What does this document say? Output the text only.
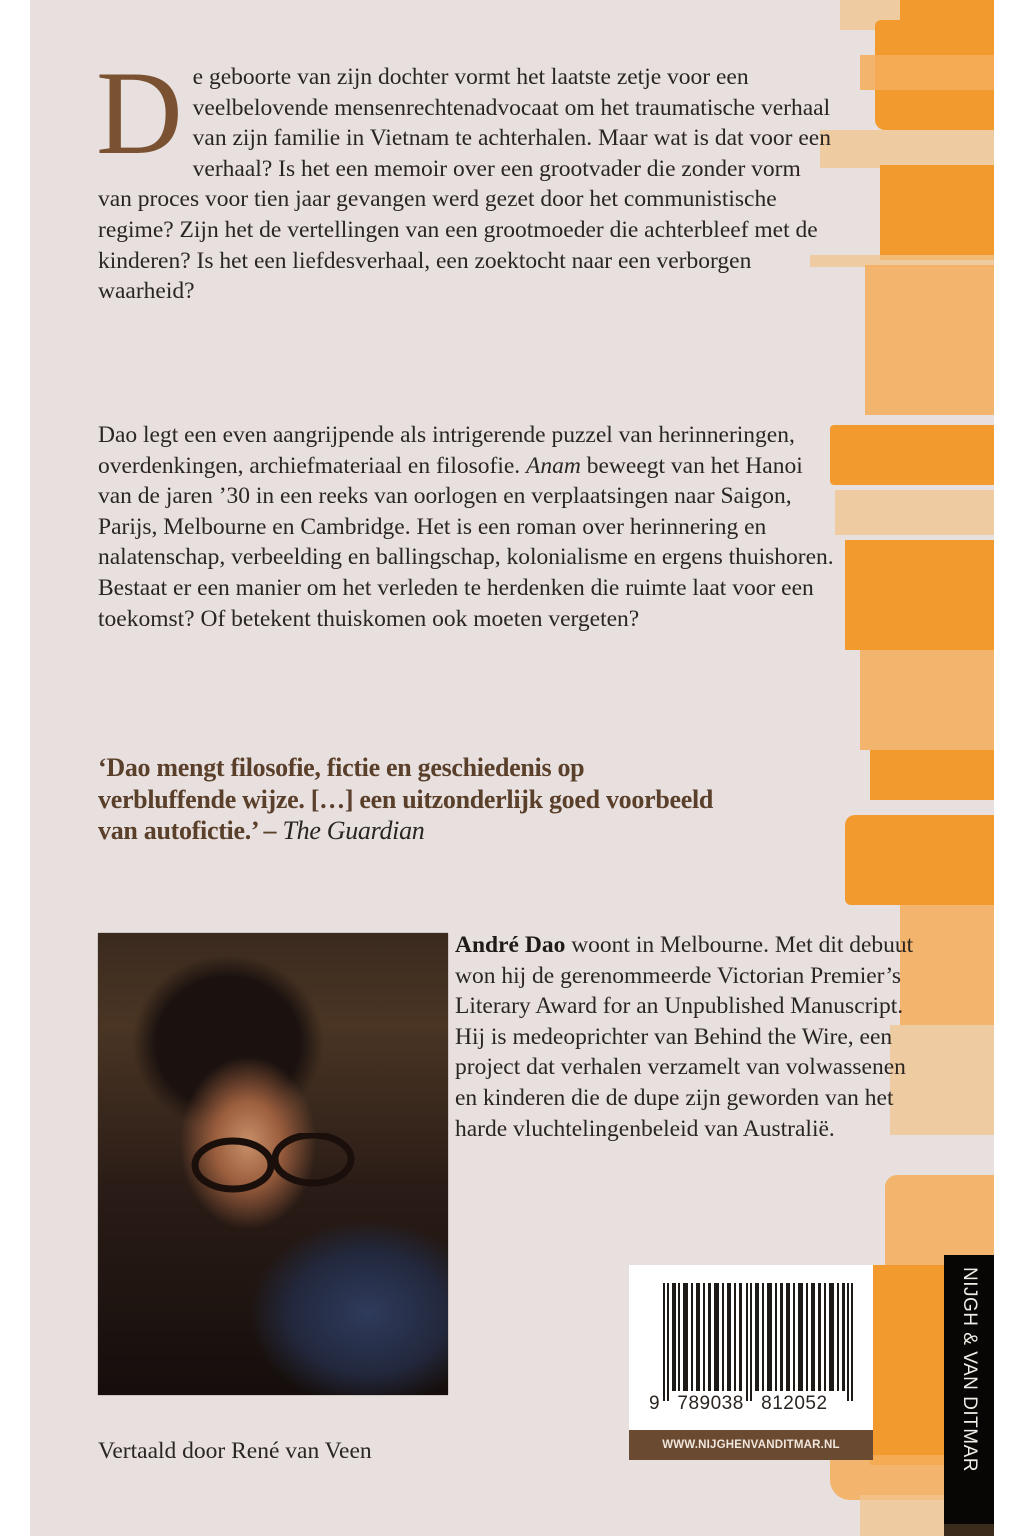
De geboorte van zijn dochter vormt het laatste zetje voor een veelbelovende mensenrechtenadvocaat om het traumatische verhaal van zijn familie in Vietnam te achterhalen. Maar wat is dat voor een verhaal? Is het een memoir over een grootvader die zonder vorm van proces voor tien jaar gevangen werd gezet door het communistische regime? Zijn het de vertellingen van een grootmoeder die achterbleef met de kinderen? Is het een liefdesverhaal, een zoektocht naar een verborgen waarheid?
Dao legt een even aangrijpende als intrigerende puzzel van herinneringen, overdenkingen, archiefmateriaal en filosofie. Anam beweegt van het Hanoi van de jaren ’30 in een reeks van oorlogen en verplaatsingen naar Saigon, Parijs, Melbourne en Cambridge. Het is een roman over herinnering en nalatenschap, verbeelding en ballingschap, kolonialisme en ergens thuishoren. Bestaat er een manier om het verleden te herdenken die ruimte laat voor een toekomst? Of betekent thuiskomen ook moeten vergeten?
‘Dao mengt filosofie, fictie en geschiedenis op verbluffende wijze. […] een uitzonderlijk goed voorbeeld van autofictie.’ – The Guardian
André Dao woont in Melbourne. Met dit debuut won hij de gerenommeerde Victorian Premier’s Literary Award for an Unpublished Manuscript. Hij is medeoprichter van Behind the Wire, een project dat verhalen verzamelt van volwassenen en kinderen die de dupe zijn geworden van het harde vluchtelingenbeleid van Australië.
Vertaald door René van Veen
9   789038   812052
WWW.NIJGHENVANDITMAR.NL	NIJGH & VAN DITMAR
